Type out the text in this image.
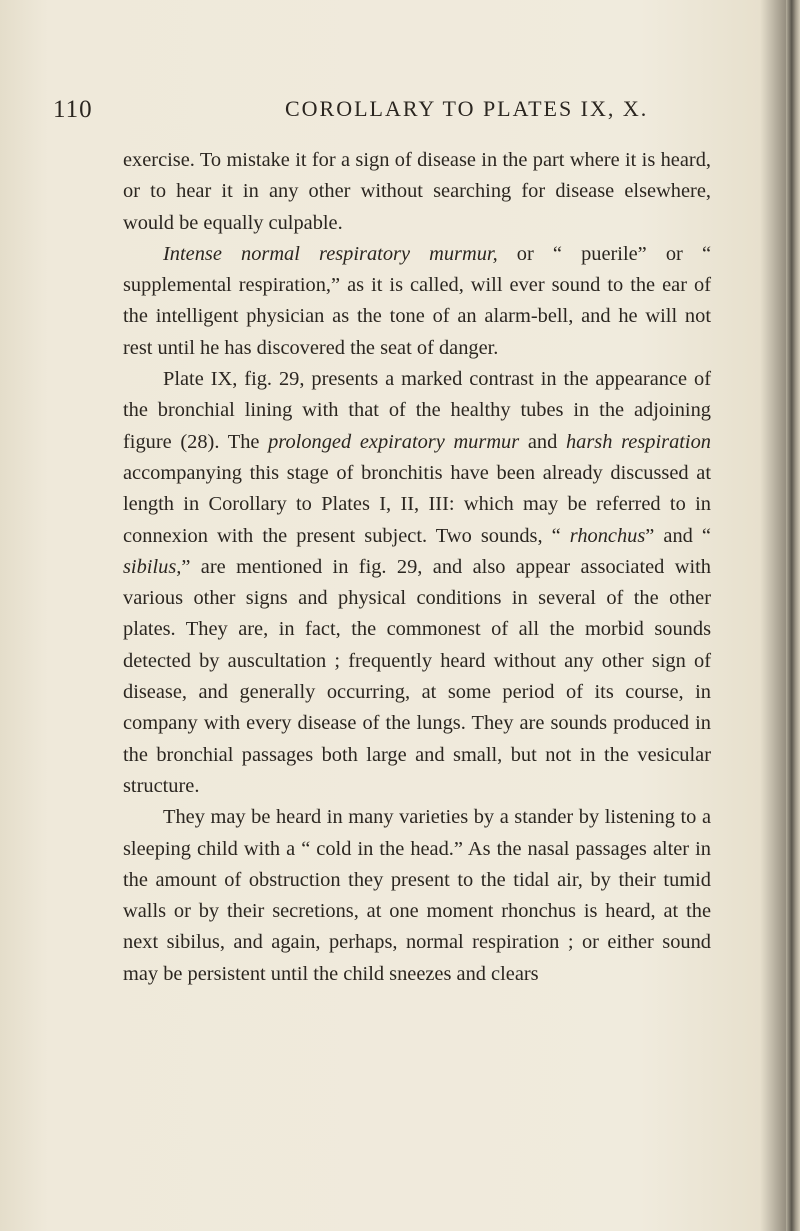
110	COROLLARY TO PLATES IX, X.

exercise. To mistake it for a sign of disease in the part where it is heard, or to hear it in any other without searching for disease elsewhere, would be equally culpable.

Intense normal respiratory murmur, or “ puerile” or “ supplemental respiration,” as it is called, will ever sound to the ear of the intelligent physician as the tone of an alarm-bell, and he will not rest until he has discovered the seat of danger.

Plate IX, fig. 29, presents a marked contrast in the appearance of the bronchial lining with that of the healthy tubes in the adjoining figure (28). The prolonged expiratory murmur and harsh respiration accompanying this stage of bronchitis have been already discussed at length in Corollary to Plates I, II, III: which may be referred to in connexion with the present subject. Two sounds, “ rhonchus” and “ sibilus,” are mentioned in fig. 29, and also appear associated with various other signs and physical conditions in several of the other plates. They are, in fact, the commonest of all the morbid sounds detected by auscultation ; frequently heard without any other sign of disease, and generally occurring, at some period of its course, in company with every disease of the lungs. They are sounds produced in the bronchial passages both large and small, but not in the vesicular structure.

They may be heard in many varieties by a stander by listening to a sleeping child with a “ cold in the head.” As the nasal passages alter in the amount of obstruction they present to the tidal air, by their tumid walls or by their secretions, at one moment rhonchus is heard, at the next sibilus, and again, perhaps, normal respiration ; or either sound may be persistent until the child sneezes and clears
